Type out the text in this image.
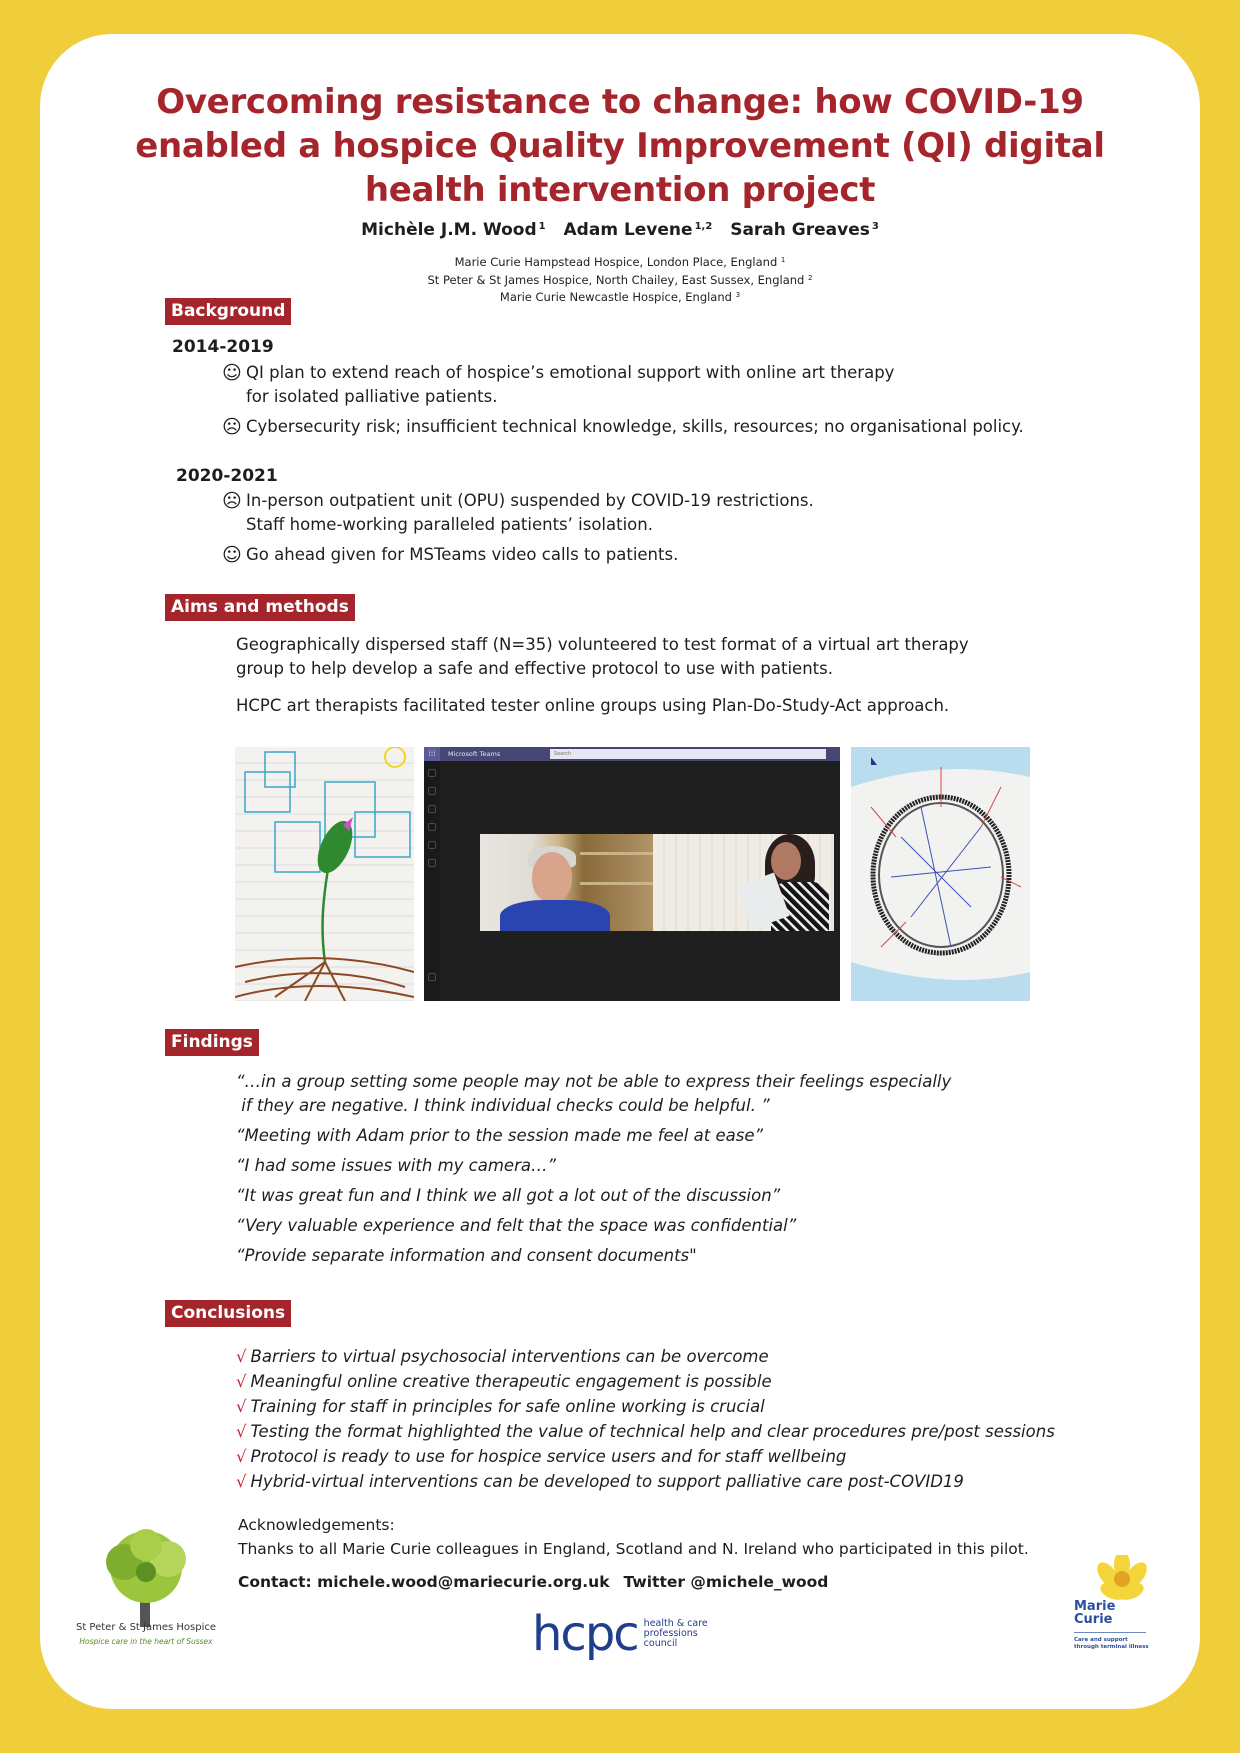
Overcoming resistance to change: how COVID-19
enabled a hospice Quality Improvement (QI) digital
health intervention project
Michèle J.M. Wood $^1$ Adam Levene $^{1,2}$ Sarah Greaves $^3$
Marie Curie Hampstead Hospice, London Place, England $^1$
St Peter & St James Hospice, North Chailey, East Sussex, England $^2$
Marie Curie Newcastle Hospice, England $^3$
Background
2014-2019
☺ QI plan to extend reach of hospice’s emotional support with online art therapy
for isolated palliative patients.
☹ Cybersecurity risk; insufficient technical knowledge, skills, resources; no organisational policy.
2020-2021
☹ In-person outpatient unit (OPU) suspended by COVID-19 restrictions.
Staff home-working paralleled patients’ isolation.
☺ Go ahead given for MSTeams video calls to patients.
Aims and methods
Geographically dispersed staff (N=35) volunteered to test format of a virtual art therapy
group to help develop a safe and effective protocol to use with patients.
HCPC art therapists facilitated tester online groups using Plan-Do-Study-Act approach.
⁞⁞⁞	Microsoft Teams	Search
Findings
“…in a group setting some people may not be able to express their feelings especially
if they are negative. I think individual checks could be helpful. ”
“Meeting with Adam prior to the session made me feel at ease”
“I had some issues with my camera…”
“It was great fun and I think we all got a lot out of the discussion”
“Very valuable experience and felt that the space was confidential”
“Provide separate information and consent documents"
Conclusions
√ Barriers to virtual psychosocial interventions can be overcome
√ Meaningful online creative therapeutic engagement is possible
√ Training for staff in principles for safe online working is crucial
√ Testing the format highlighted the value of technical help and clear procedures pre/post sessions
√ Protocol is ready to use for hospice service users and for staff wellbeing
√ Hybrid-virtual interventions can be developed to support palliative care post-COVID19
Acknowledgements:
Thanks to all Marie Curie colleagues in England, Scotland and N. Ireland who participated in this pilot.
Contact: michele.wood@mariecurie.org.uk Twitter @michele_wood
St Peter & St James Hospice
Hospice care in the heart of Sussex	hcpc health & care
professions
council
Marie
Curie
Care and support
through terminal illness
